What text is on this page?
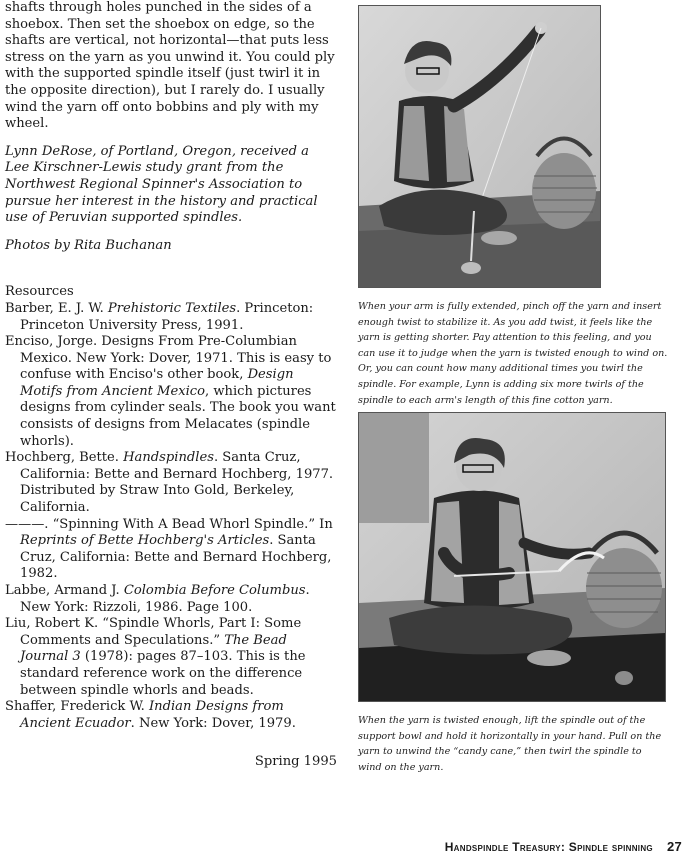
shafts through holes punched in the sides of a shoebox. Then set the shoebox on edge, so the shafts are vertical, not horizontal—that puts less stress on the yarn as you unwind it. You could ply with the supported spindle itself (just twirl it in the opposite direction), but I rarely do. I usually wind the yarn off onto bobbins and ply with my wheel.

Lynn DeRose, of Portland, Oregon, received a Lee Kirschner-Lewis study grant from the Northwest Regional Spinner's Association to pursue her interest in the history and practical use of Peruvian supported spindles.

Photos by Rita Buchanan

Resources

Barber, E. J. W. Prehistoric Textiles. Princeton: Princeton University Press, 1991.

Enciso, Jorge. Designs From Pre-Columbian Mexico. New York: Dover, 1971. This is easy to confuse with Enciso's other book, Design Motifs from Ancient Mexico, which pictures designs from cylinder seals. The book you want consists of designs from Melacates (spindle whorls).

Hochberg, Bette. Handspindles. Santa Cruz, California: Bette and Bernard Hochberg, 1977. Distributed by Straw Into Gold, Berkeley, California.

———. “Spinning With A Bead Whorl Spindle.” In Reprints of Bette Hochberg's Articles. Santa Cruz, California: Bette and Bernard Hochberg, 1982.

Labbe, Armand J. Colombia Before Columbus. New York: Rizzoli, 1986. Page 100.

Liu, Robert K. “Spindle Whorls, Part I: Some Comments and Speculations.” The Bead Journal 3 (1978): pages 87–103. This is the standard reference work on the difference between spindle whorls and beads.

Shaffer, Frederick W. Indian Designs from Ancient Ecuador. New York: Dover, 1979.

Spring 1995

When your arm is fully extended, pinch off the yarn and insert enough twist to stabilize it. As you add twist, it feels like the yarn is getting shorter. Pay attention to this feeling, and you can use it to judge when the yarn is twisted enough to wind on. Or, you can count how many additional times you twirl the spindle. For example, Lynn is adding six more twirls of the spindle to each arm's length of this fine cotton yarn.
When the yarn is twisted enough, lift the spindle out of the support bowl and hold it horizontally in your hand. Pull on the yarn to unwind the “candy cane,” then twirl the spindle to wind on the yarn.
Handspindle Treasury: Spindle spinning 27
